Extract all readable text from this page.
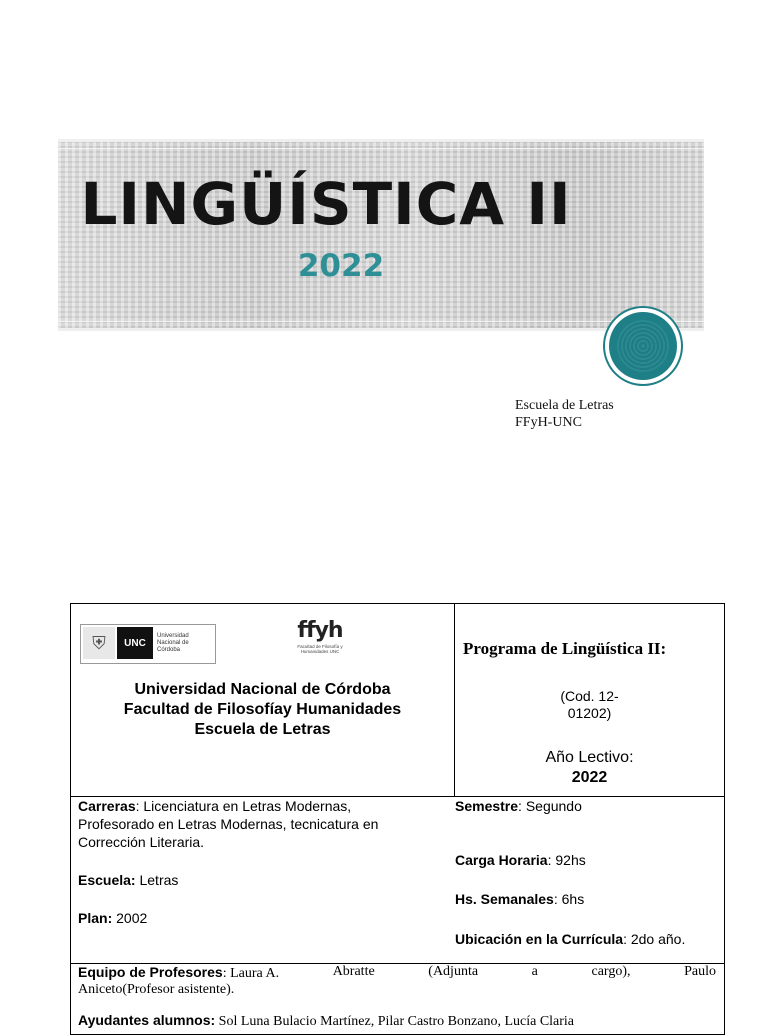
LINGÜÍSTICA II
2022
Escuela de Letras
FFyH-UNC
⛨	UNC
Universidad Nacional de Córdoba
ffyh
Facultad de Filosofía y Humanidades UNC
Universidad Nacional de Córdoba Facultad de Filosofíay Humanidades Escuela de Letras

Programa de Lingüística II:
(Cod. 12-
01202)
Año Lectivo:
2022

Carreras: Licenciatura en Letras Modernas, Profesorado en Letras Modernas, tecnicatura en Corrección Literaria.
Escuela: Letras
Plan: 2002
Semestre: Segundo
Carga Horaria: 92hs
Hs. Semanales: 6hs
Ubicación en la Currícula: 2do año.

Equipo de Profesores: Laura A.	Abratte	(Adjunta	a	cargo),	Paulo
Aniceto(Profesor asistente).
Ayudantes alumnos: Sol Luna Bulacio Martínez, Pilar Castro Bonzano, Lucía Claria
